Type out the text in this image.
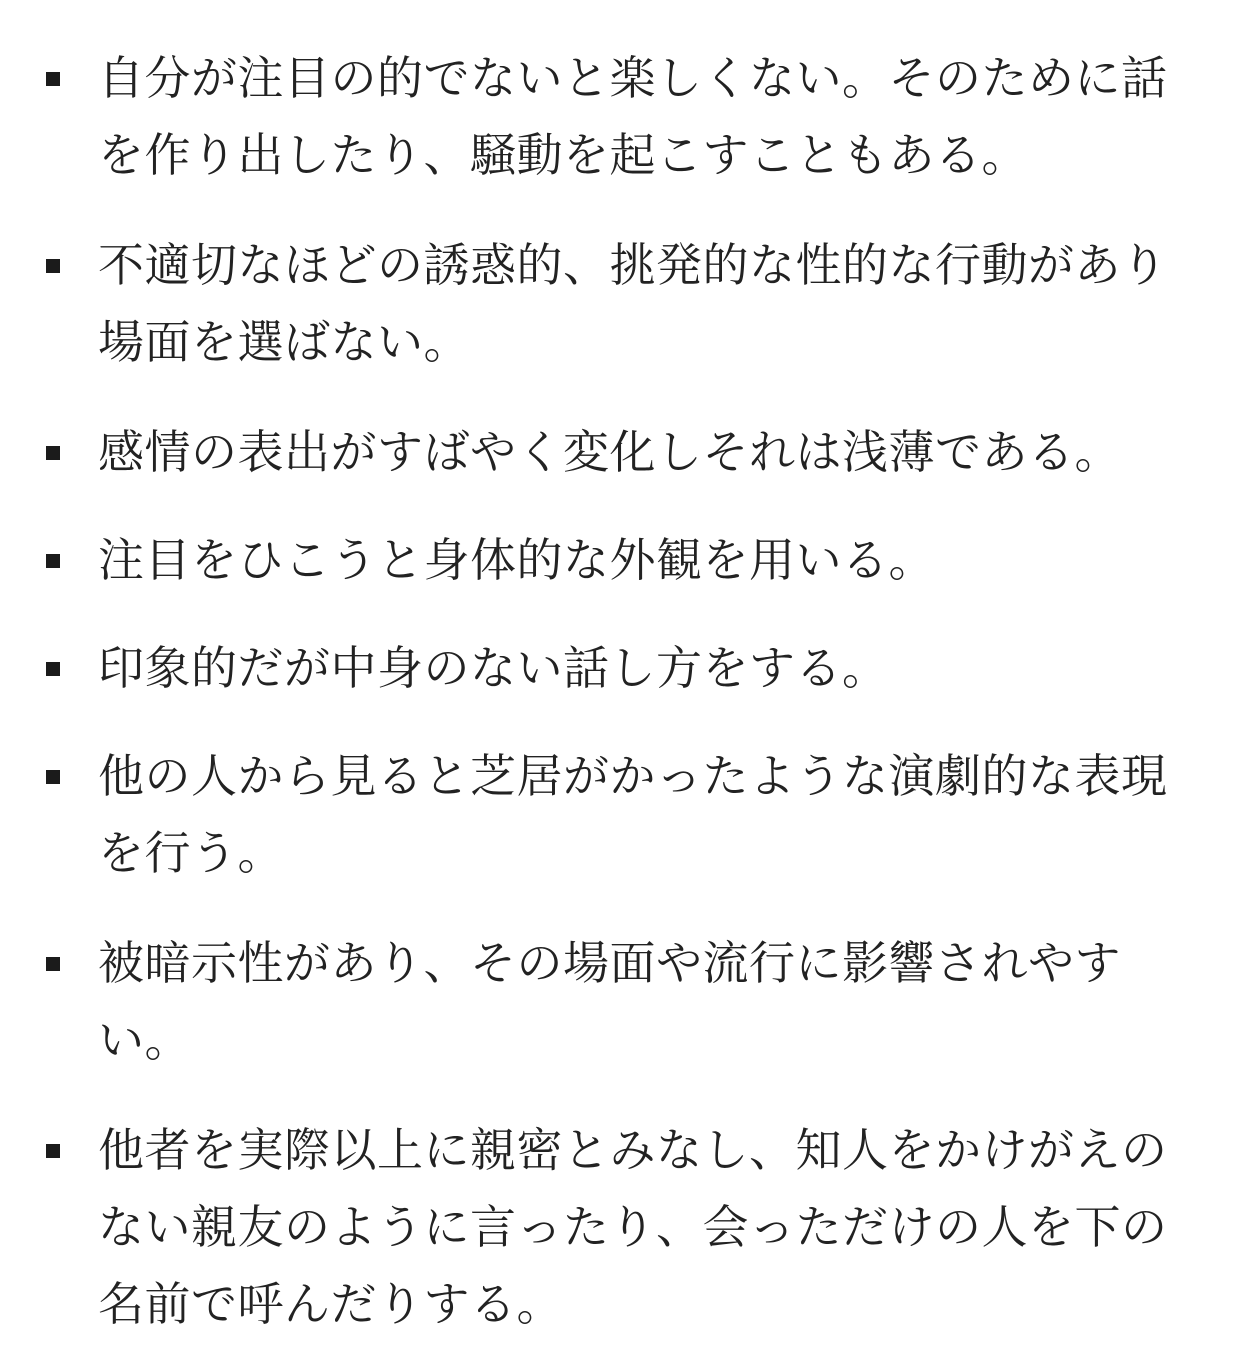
自分が注目の的でないと楽しくない。そのために話を作り出したり、騒動を起こすこともある。
不適切なほどの誘惑的、挑発的な性的な行動があり場面を選ばない。
感情の表出がすばやく変化しそれは浅薄である。
注目をひこうと身体的な外観を用いる。
印象的だが中身のない話し方をする。
他の人から見ると芝居がかったような演劇的な表現を行う。
被暗示性があり、その場面や流行に影響されやすい。
他者を実際以上に親密とみなし、知人をかけがえのない親友のように言ったり、会っただけの人を下の名前で呼んだりする。
